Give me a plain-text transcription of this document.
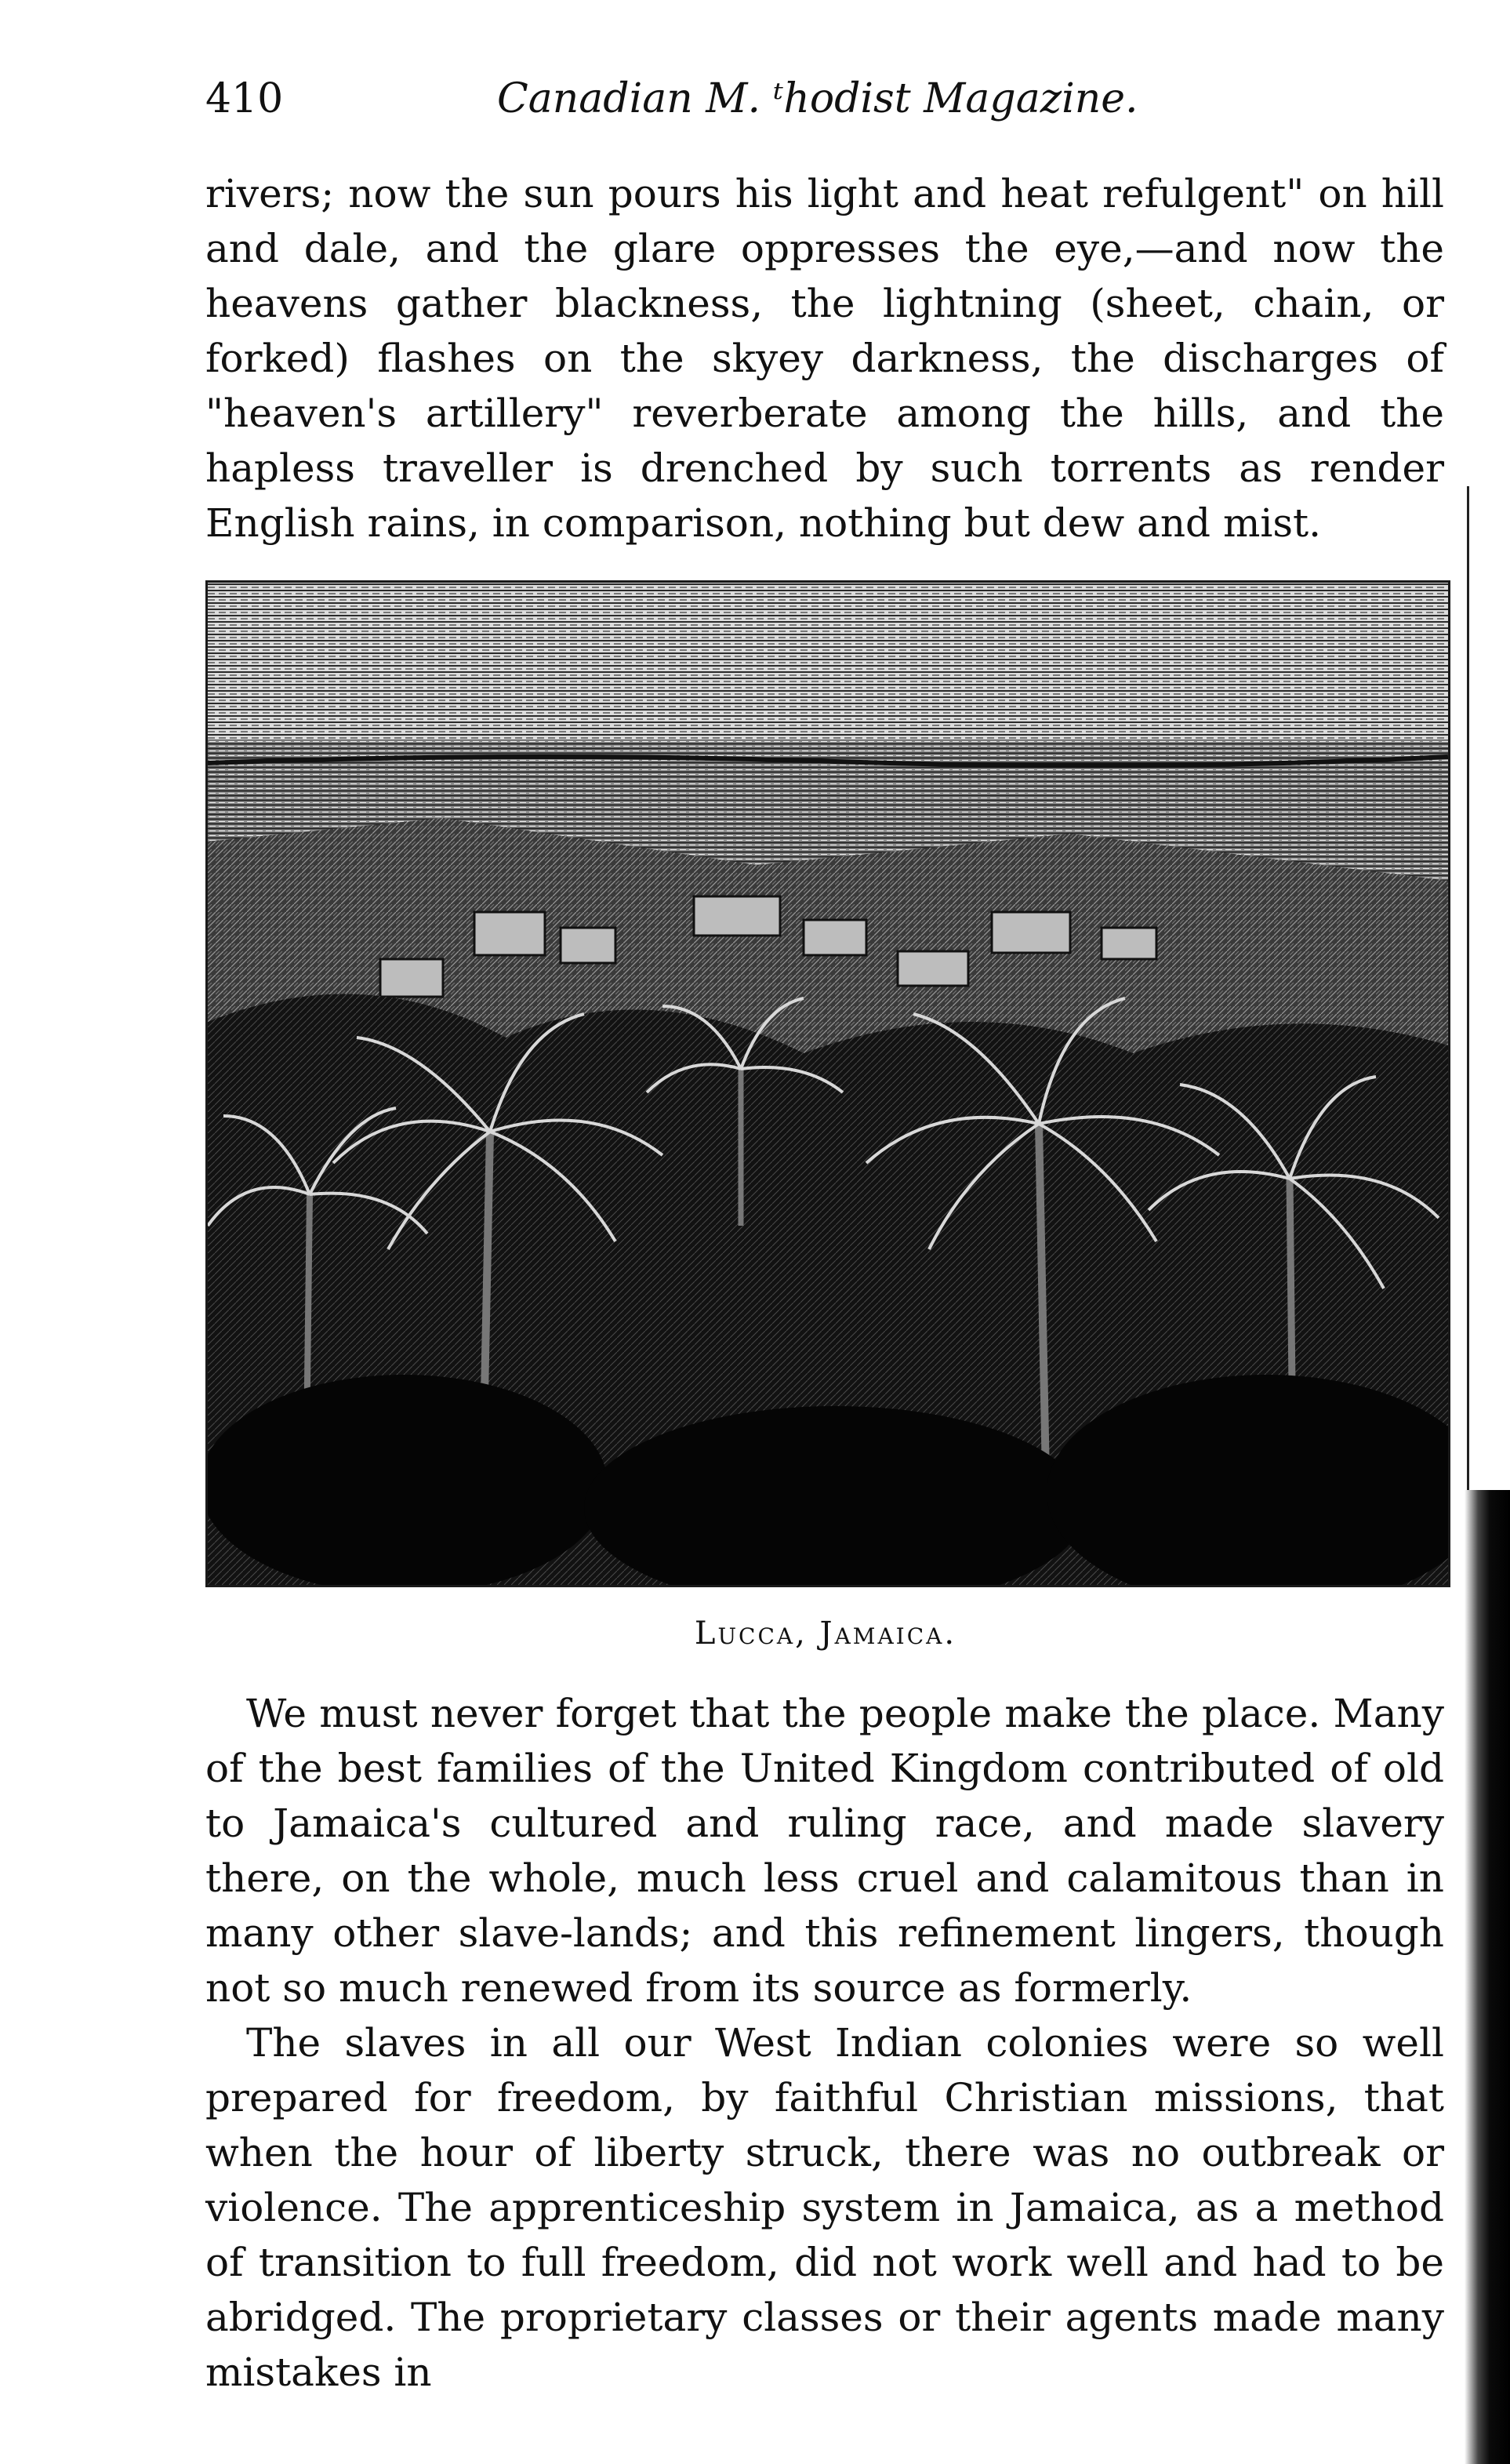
410	Canadian M. ᵗhodist Magazine.

rivers; now the sun pours his light and heat refulgent" on hill and dale, and the glare oppresses the eye,—and now the heavens gather blackness, the lightning (sheet, chain, or forked) flashes on the skyey darkness, the discharges of "heaven's artillery" reverberate among the hills, and the hapless traveller is drenched by such torrents as render English rains, in comparison, nothing but dew and mist.

Lucca, Jamaica.

We must never forget that the people make the place. Many of the best families of the United Kingdom contributed of old to Jamaica's cultured and ruling race, and made slavery there, on the whole, much less cruel and calamitous than in many other slave-lands; and this refinement lingers, though not so much renewed from its source as formerly.

The slaves in all our West Indian colonies were so well prepared for freedom, by faithful Christian missions, that when the hour of liberty struck, there was no outbreak or violence. The apprenticeship system in Jamaica, as a method of transition to full freedom, did not work well and had to be abridged. The proprietary classes or their agents made many mistakes in
